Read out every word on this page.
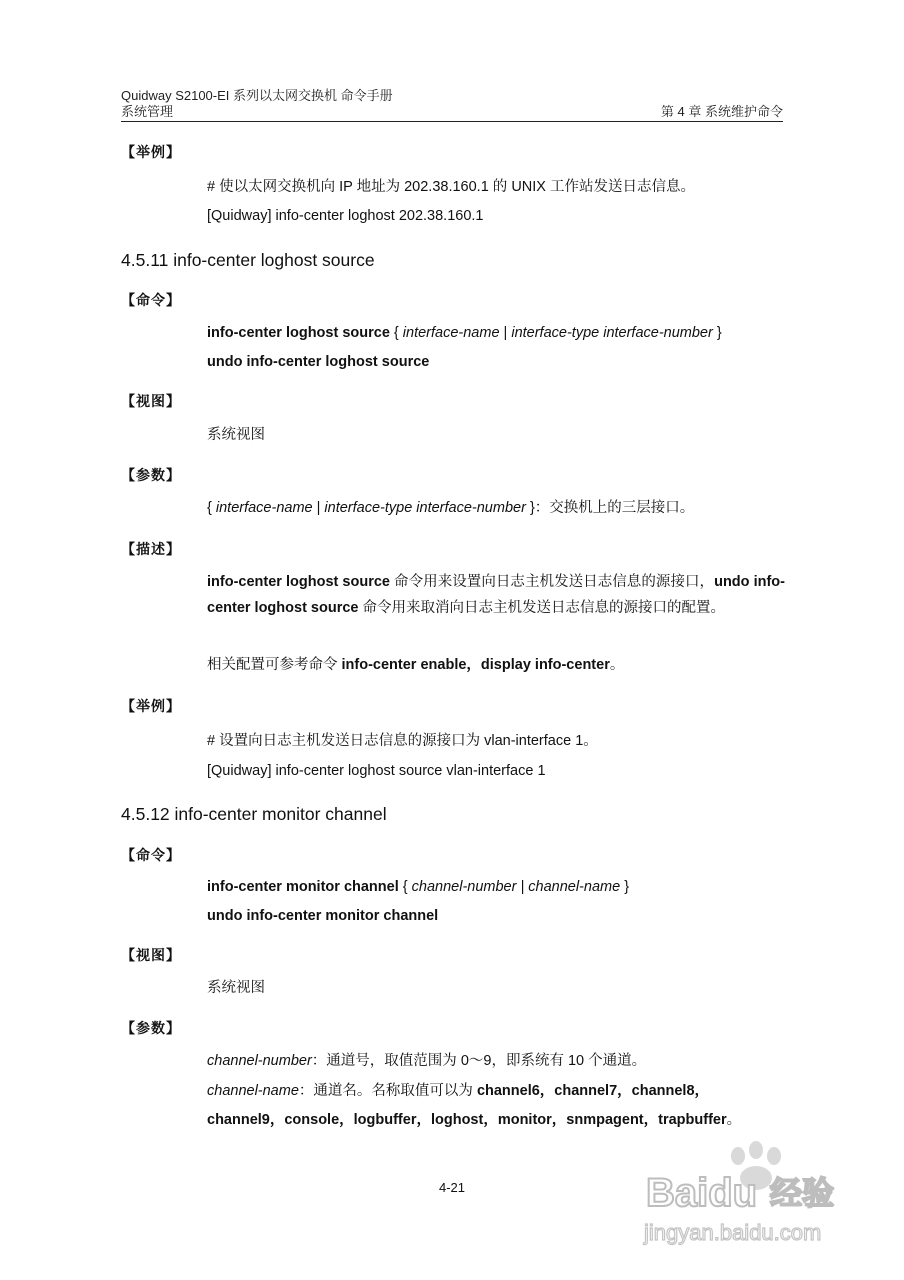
Quidway S2100-EI 系列以太网交换机 命令手册
系统管理	第 4 章 系统维护命令
【举例】
# 使以太网交换机向 IP 地址为 202.38.160.1 的 UNIX 工作站发送日志信息。
[Quidway] info-center loghost 202.38.160.1
4.5.11 info-center loghost source
【命令】
info-center loghost source { interface-name | interface-type interface-number }
undo info-center loghost source
【视图】
系统视图
【参数】
{ interface-name | interface-type interface-number }：交换机上的三层接口。
【描述】
info-center loghost source 命令用来设置向日志主机发送日志信息的源接口，undo info-center loghost source 命令用来取消向日志主机发送日志信息的源接口的配置。
相关配置可参考命令 info-center enable，display info-center。
【举例】
# 设置向日志主机发送日志信息的源接口为 vlan-interface 1。
[Quidway] info-center loghost source vlan-interface 1
4.5.12 info-center monitor channel
【命令】
info-center monitor channel { channel-number | channel-name }
undo info-center monitor channel
【视图】
系统视图
【参数】
channel-number：通道号，取值范围为 0～9，即系统有 10 个通道。
channel-name：通道名。名称取值可以为 channel6，channel7，channel8，
channel9，console，logbuffer，loghost，monitor，snmpagent，trapbuffer。
4-21	Baidu 经验
jingyan.baidu.com
